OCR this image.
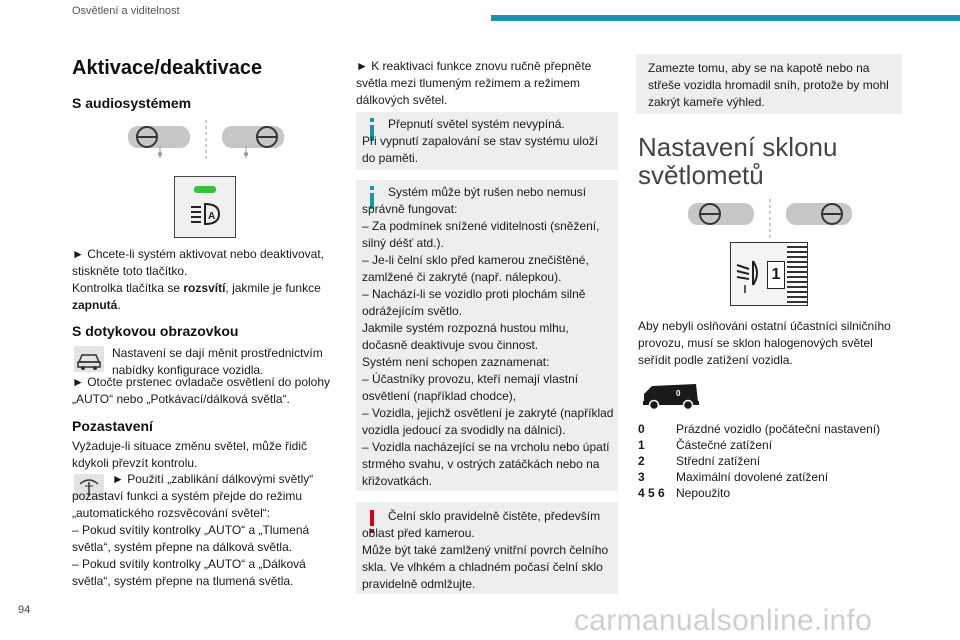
Osvětlení a viditelnost
Aktivace/deaktivace
S audiosystémem
A
► Chcete-li systém aktivovat nebo deaktivovat, stiskněte toto tlačítko.
Kontrolka tlačítka se rozsvítí, jakmile je funkce zapnutá.
S dotykovou obrazovkou
Nastavení se dají měnit prostřednictvím nabídky konfigurace vozidla.
► Otočte prstenec ovladače osvětlení do polohy „AUTO“ nebo „Potkávací/dálková světla“.
Pozastavení
Vyžaduje-li situace změnu světel, může řidič kdykoli převzít kontrolu.
► Použití „zablikání dálkovými světly“ pozastaví funkci a systém přejde do režimu „automatického rozsvěcování světel“:
– Pokud svítily kontrolky „AUTO“ a „Tlumená světla“, systém přepne na dálková světla.
– Pokud svítily kontrolky „AUTO“ a „Dálková světla“, systém přepne na tlumená světla.
94
► K reaktivaci funkce znovu ručně přepněte světla mezi tlumeným režimem a režimem dálkových světel.
Přepnutí světel systém nevypíná.
Při vypnutí zapalování se stav systému uloží do paměti.
Systém může být rušen nebo nemusí správně fungovat:
– Za podmínek snížené viditelnosti (sněžení, silný déšť atd.).
– Je-li čelní sklo před kamerou znečištěné, zamlžené či zakryté (např. nálepkou).
– Nachází-li se vozidlo proti plochám silně odrážejícím světlo.
Jakmile systém rozpozná hustou mlhu, dočasně deaktivuje svou činnost.
Systém není schopen zaznamenat:
– Účastníky provozu, kteří nemají vlastní osvětlení (například chodce),
– Vozidla, jejichž osvětlení je zakryté (například vozidla jedoucí za svodidly na dálnici).
– Vozidla nacházející se na vrcholu nebo úpatí strmého svahu, v ostrých zatáčkách nebo na křižovatkách.
Čelní sklo pravidelně čistěte, především oblast před kamerou.
Může být také zamlžený vnitřní povrch čelního skla. Ve vlhkém a chladném počasí čelní sklo pravidelně odmlžujte.
Zamezte tomu, aby se na kapotě nebo na střeše vozidla hromadil sníh, protože by mohl zakrýt kameře výhled.
Nastavení sklonu světlometů
1
Aby nebyli oslňováni ostatní účastníci silničního provozu, musí se sklon halogenových světel seřídit podle zatížení vozidla.
0
0	Prázdné vozidlo (počáteční nastavení)
1	Částečné zatížení
2	Střední zatížení
3	Maximální dovolené zatížení
4 5 6 Nepoužito
carmanualsonline.info
